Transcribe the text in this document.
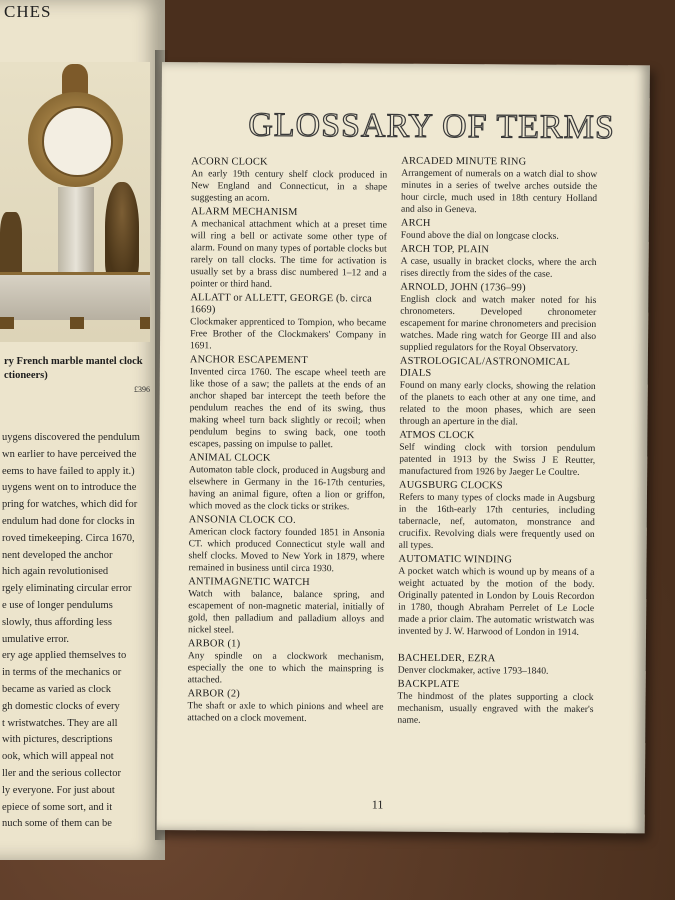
CHES
ry French marble mantel clock
ctioneers)
£396
uygens discovered the pendulum
wn earlier to have perceived the
eems to have failed to apply it.)
uygens went on to introduce the
pring for watches, which did for
endulum had done for clocks in
roved timekeeping. Circa 1670,
nent developed the anchor
hich again revolutionised
rgely eliminating circular error
e use of longer pendulums
slowly, thus affording less
umulative error.
ery age applied themselves to
in terms of the mechanics or
became as varied as clock
gh domestic clocks of every
t wristwatches. They are all
with pictures, descriptions
ook, which will appeal not
ller and the serious collector
ly everyone. For just about
epiece of some sort, and it
nuch some of them can be
GLOSSARY OF TERMS
ACORN CLOCK
An early 19th century shelf clock produced in New England and Connecticut, in a shape suggesting an acorn.
ALARM MECHANISM
A mechanical attachment which at a preset time will ring a bell or activate some other type of alarm. Found on many types of portable clocks but rarely on tall clocks. The time for activation is usually set by a brass disc numbered 1–12 and a pointer or third hand.
ALLATT or ALLETT, GEORGE (b. circa 1669)
Clockmaker apprenticed to Tompion, who became Free Brother of the Clockmakers' Company in 1691.
ANCHOR ESCAPEMENT
Invented circa 1760. The escape wheel teeth are like those of a saw; the pallets at the ends of an anchor shaped bar intercept the teeth before the pendulum reaches the end of its swing, thus making wheel turn back slightly or recoil; when pendulum begins to swing back, one tooth escapes, passing on impulse to pallet.
ANIMAL CLOCK
Automaton table clock, produced in Augsburg and elsewhere in Germany in the 16-17th centuries, having an animal figure, often a lion or griffon, which moved as the clock ticks or strikes.
ANSONIA CLOCK CO.
American clock factory founded 1851 in Ansonia CT. which produced Connecticut style wall and shelf clocks. Moved to New York in 1879, where remained in business until circa 1930.
ANTIMAGNETIC WATCH
Watch with balance, balance spring, and escapement of non-magnetic material, initially of gold, then palladium and palladium alloys and nickel steel.
ARBOR (1)
Any spindle on a clockwork mechanism, especially the one to which the mainspring is attached.
ARBOR (2)
The shaft or axle to which pinions and wheel are attached on a clock movement.
ARCADED MINUTE RING
Arrangement of numerals on a watch dial to show minutes in a series of twelve arches outside the hour circle, much used in 18th century Holland and also in Geneva.
ARCH
Found above the dial on longcase clocks.
ARCH TOP, PLAIN
A case, usually in bracket clocks, where the arch rises directly from the sides of the case.
ARNOLD, JOHN (1736–99)
English clock and watch maker noted for his chronometers. Developed chronometer escapement for marine chronometers and precision watches. Made ring watch for George III and also supplied regulators for the Royal Observatory.
ASTROLOGICAL/ASTRONOMICAL DIALS
Found on many early clocks, showing the relation of the planets to each other at any one time, and related to the moon phases, which are seen through an aperture in the dial.
ATMOS CLOCK
Self winding clock with torsion pendulum patented in 1913 by the Swiss J E Reutter, manufactured from 1926 by Jaeger Le Coultre.
AUGSBURG CLOCKS
Refers to many types of clocks made in Augsburg in the 16th-early 17th centuries, including tabernacle, nef, automaton, monstrance and crucifix. Revolving dials were frequently used on all types.
AUTOMATIC WINDING
A pocket watch which is wound up by means of a weight actuated by the motion of the body. Originally patented in London by Louis Recordon in 1780, though Abraham Perrelet of Le Locle made a prior claim. The automatic wristwatch was invented by J. W. Harwood of London in 1914.
BACHELDER, EZRA
Denver clockmaker, active 1793–1840.
BACKPLATE
The hindmost of the plates supporting a clock mechanism, usually engraved with the maker's name.
11
